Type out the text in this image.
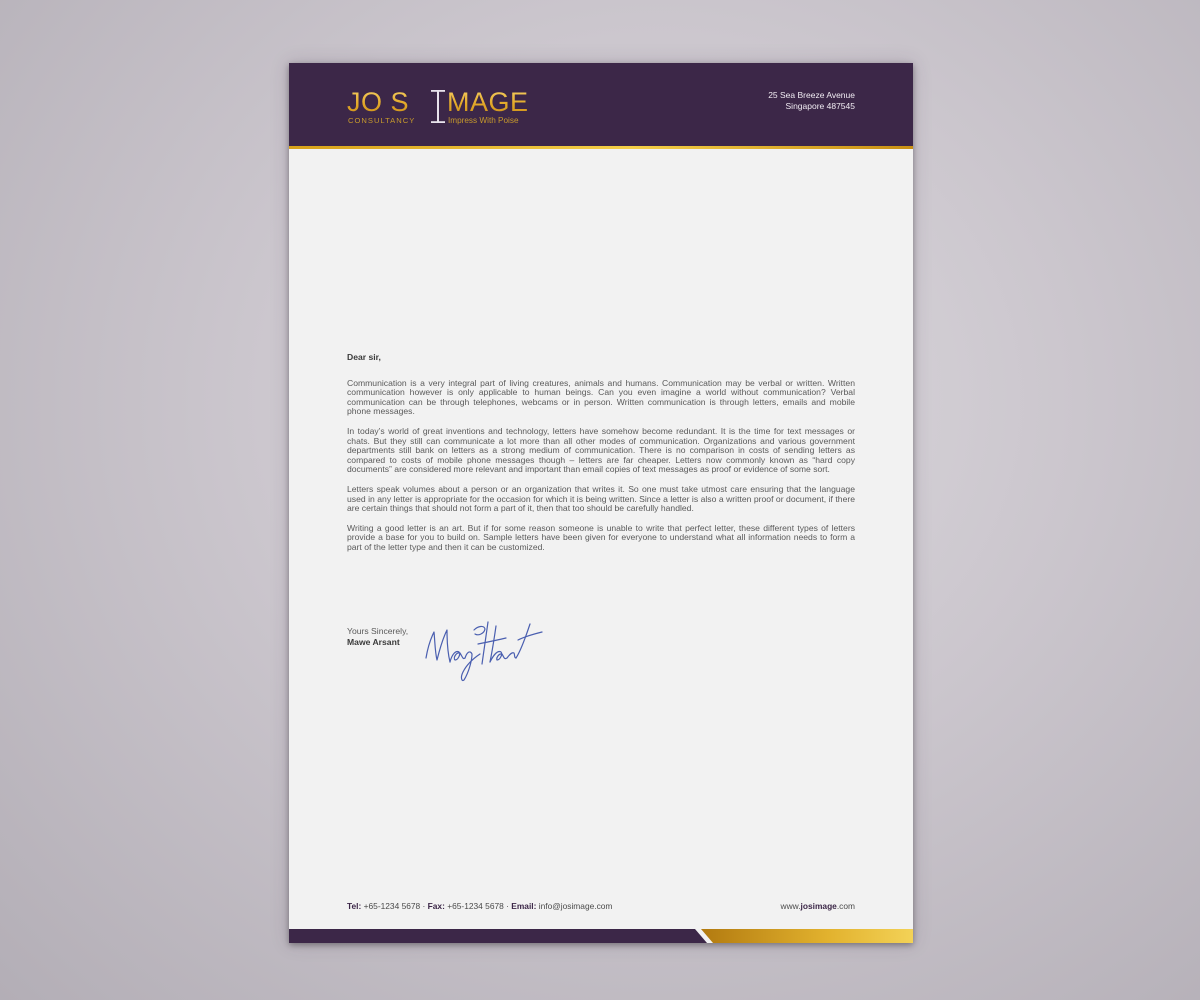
JO S MAGE
CONSULTANCY	Impress With Poise
25 Sea Breeze Avenue
Singapore 487545
Dear sir,

Communication is a very integral part of living creatures, animals and humans. Communication may be verbal or written. Written communication however is only applicable to human beings. Can you even imagine a world without communication? Verbal communication can be through telephones, webcams or in person. Written communication is through letters, emails and mobile phone messages.

In today’s world of great inventions and technology, letters have somehow become redundant. It is the time for text messages or chats. But they still can communicate a lot more than all other modes of communication. Organizations and various government departments still bank on letters as a strong medium of communication. There is no comparison in costs of sending letters as compared to costs of mobile phone messages though – letters are far cheaper. Letters now commonly known as “hard copy documents” are considered more relevant and important than email copies of text messages as proof or evidence of some sort.

Letters speak volumes about a person or an organization that writes it. So one must take utmost care ensuring that the language used in any letter is appropriate for the occasion for which it is being written. Since a letter is also a written proof or document, if there are certain things that should not form a part of it, then that too should be carefully handled.

Writing a good letter is an art. But if for some reason someone is unable to write that perfect letter, these different types of letters provide a base for you to build on. Sample letters have been given for everyone to understand what all information needs to form a part of the letter type and then it can be customized.

Yours Sincerely,
Mawe Arsant
Tel: +65-1234 5678 · Fax: +65-1234 5678 · Email: info@josimage.com	www.josimage.com
